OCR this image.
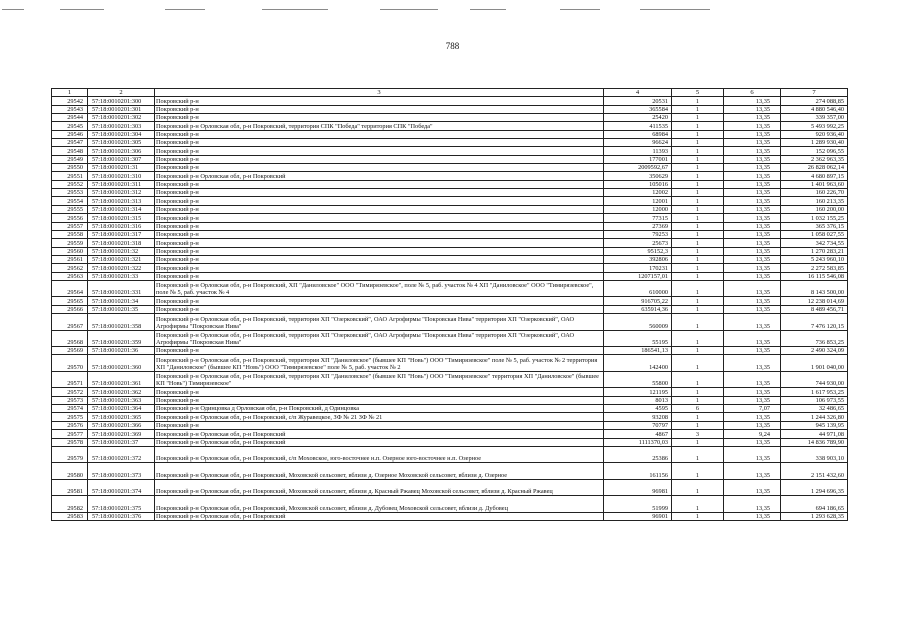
788
1	2	3	4	5	6	7
29542	57:18:0010201:300	Покровский р-н	20531	1	13,35	274 088,85
29543	57:18:0010201:301	Покровский р-н	365584	1	13,35	4 880 546,40
29544	57:18:0010201:302	Покровский р-н	25420	1	13,35	339 357,00
29545	57:18:0010201:303	Покровский р-н Орловская обл, р-н Покровский, территория СПК "Победа" территория СПК "Победа"	411535	1	13,35	5 493 992,25
29546	57:18:0010201:304	Покровский р-н	68984	1	13,35	920 936,40
29547	57:18:0010201:305	Покровский р-н	96624	1	13,35	1 289 930,40
29548	57:18:0010201:306	Покровский р-н	11393	1	13,35	152 096,55
29549	57:18:0010201:307	Покровский р-н	177001	1	13,35	2 362 963,35
29550	57:18:0010201:31	Покровский р-н	2009592,67	1	13,35	26 828 062,14
29551	57:18:0010201:310	Покровский р-н Орловская обл, р-н Покровский	350629	1	13,35	4 680 897,15
29552	57:18:0010201:311	Покровский р-н	105016	1	13,35	1 401 963,60
29553	57:18:0010201:312	Покровский р-н	12002	1	13,35	160 226,70
29554	57:18:0010201:313	Покровский р-н	12001	1	13,35	160 213,35
29555	57:18:0010201:314	Покровский р-н	12000	1	13,35	160 200,00
29556	57:18:0010201:315	Покровский р-н	77315	1	13,35	1 032 155,25
29557	57:18:0010201:316	Покровский р-н	27369	1	13,35	365 376,15
29558	57:18:0010201:317	Покровский р-н	79253	1	13,35	1 058 027,55
29559	57:18:0010201:318	Покровский р-н	25673	1	13,35	342 734,55
29560	57:18:0010201:32	Покровский р-н	95152,3	1	13,35	1 270 283,21
29561	57:18:0010201:321	Покровский р-н	392806	1	13,35	5 243 960,10
29562	57:18:0010201:322	Покровский р-н	170231	1	13,35	2 272 583,85
29563	57:18:0010201:33	Покровский р-н	1207157,01	1	13,35	16 115 546,08
29564	57:18:0010201:331	Покровский р-н Орловская обл, р-н Покровский, ХП "Даниловское" ООО "Тимирязевское", поле № 5, раб. участок № 4 ХП "Даниловское" ООО "Тимирязевское", поле № 5, раб. участок № 4	610000	1	13,35	8 143 500,00
29565	57:18:0010201:34	Покровский р-н	916705,22	1	13,35	12 238 014,69
29566	57:18:0010201:35	Покровский р-н	635914,36	1	13,35	8 489 456,71
29567	57:18:0010201:358	Покровский р-н Орловская обл, р-н Покровский, территория ХП "Озерковский", ОАО Агрофирмы "Покровская Нива" территория ХП "Озерковский", ОАО Агрофирмы "Покровская Нива"	560009	1	13,35	7 476 120,15
29568	57:18:0010201:359	Покровский р-н Орловская обл, р-н Покровский, территория ХП "Озерковский", ОАО Агрофирмы "Покровская Нива" территория ХП "Озерковский", ОАО Агрофирмы "Покровская Нива"	55195	1	13,35	736 853,25
29569	57:18:0010201:36	Покровский р-н	186541,13	1	13,35	2 490 324,09
29570	57:18:0010201:360	Покровский р-н Орловская обл, р-н Покровский, территория ХП "Даниловское" (бывшее КП "Новь") ООО "Тимирязевское" поле № 5, раб. участок № 2 территория ХП "Даниловское" (бывшее КП "Новь") ООО "Тимирязевское" поле № 5, раб. участок № 2	142400	1	13,35	1 901 040,00
29571	57:18:0010201:361	Покровский р-н Орловская обл, р-н Покровский, территория ХП "Даниловское" (бывшее КП "Новь") ООО "Тимирязевское" территория ХП "Даниловское" (бывшее КП "Новь") Тимирязевское"	55800	1	13,35	744 930,00
29572	57:18:0010201:362	Покровский р-н	121195	1	13,35	1 617 953,25
29573	57:18:0010201:363	Покровский р-н	8013	1	13,35	106 973,55
29574	57:18:0010201:364	Покровский р-н Одинцовка д Орловская обл, р-н Покровский, д Одинцовка	4595	6	7,07	32 486,65
29575	57:18:0010201:365	Покровский р-н Орловская обл, р-н Покровский, с/п Журавецкое, ЗФ № 21 ЗФ № 21	93208	1	13,35	1 244 326,80
29576	57:18:0010201:366	Покровский р-н	70797	1	13,35	945 139,95
29577	57:18:0010201:369	Покровский р-н Орловская обл, р-н Покровский	4867	3	9,24	44 971,08
29578	57:18:0010201:37	Покровский р-н Орловская обл, р-н Покровский	1111370,03	1	13,35	14 836 789,90
29579	57:18:0010201:372	Покровский р-н Орловская обл, р-н Покровский, с/п Моховское, юго-восточнее н.п. Озерное юго-восточнее н.п. Озерное	25386	1	13,35	338 903,10
29580	57:18:0010201:373	Покровский р-н Орловская обл, р-н Покровский, Моховской сельсовет, вблизи д. Озерное Моховской сельсовет, вблизи д. Озерное	161156	1	13,35	2 151 432,60
29581	57:18:0010201:374	Покровский р-н Орловская обл, р-н Покровский, Моховской сельсовет, вблизи д. Красный Ржавец Моховской сельсовет, вблизи д. Красный Ржавец	96981	1	13,35	1 294 696,35
29582	57:18:0010201:375	Покровский р-н Орловская обл, р-н Покровский, Моховской сельсовет, вблизи д. Дубовец Моховской сельсовет, вблизи д. Дубовец	51999	1	13,35	694 186,65
29583	57:18:0010201:376	Покровский р-н Орловская обл, р-н Покровский	96901	1	13,35	1 293 628,35
